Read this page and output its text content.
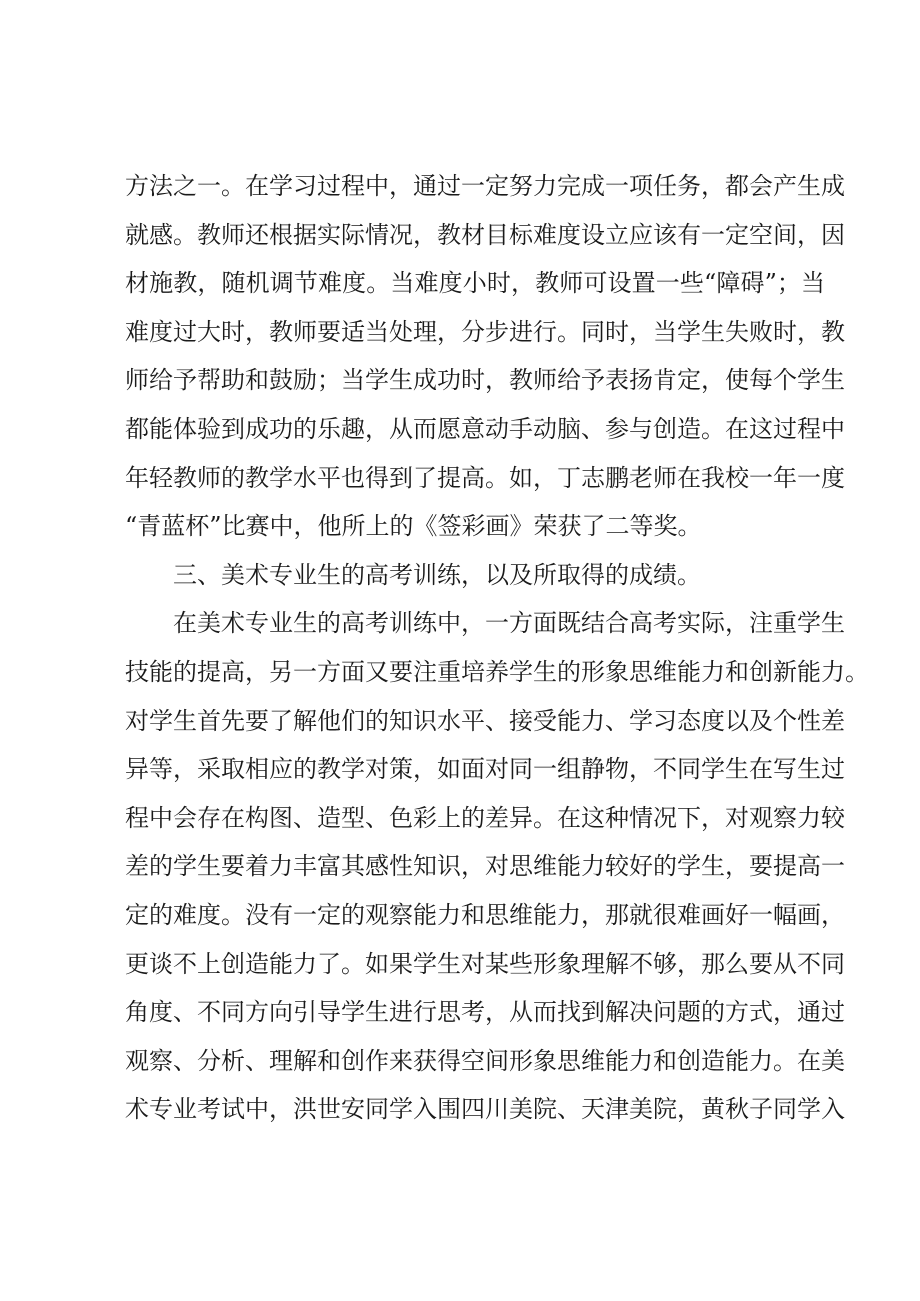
方法之一。在学习过程中，通过一定努力完成一项任务，都会产生成
就感。教师还根据实际情况，教材目标难度设立应该有一定空间，因
材施教，随机调节难度。当难度小时，教师可设置一些“障碍”；当
难度过大时，教师要适当处理，分步进行。同时，当学生失败时，教
师给予帮助和鼓励；当学生成功时，教师给予表扬肯定，使每个学生
都能体验到成功的乐趣，从而愿意动手动脑、参与创造。在这过程中
年轻教师的教学水平也得到了提高。如，丁志鹏老师在我校一年一度
“青蓝杯”比赛中，他所上的《签彩画》荣获了二等奖。
三、美术专业生的高考训练，以及所取得的成绩。
在美术专业生的高考训练中，一方面既结合高考实际，注重学生
技能的提高，另一方面又要注重培养学生的形象思维能力和创新能力。
对学生首先要了解他们的知识水平、接受能力、学习态度以及个性差
异等，采取相应的教学对策，如面对同一组静物，不同学生在写生过
程中会存在构图、造型、色彩上的差异。在这种情况下，对观察力较
差的学生要着力丰富其感性知识，对思维能力较好的学生，要提高一
定的难度。没有一定的观察能力和思维能力，那就很难画好一幅画，
更谈不上创造能力了。如果学生对某些形象理解不够，那么要从不同
角度、不同方向引导学生进行思考，从而找到解决问题的方式，通过
观察、分析、理解和创作来获得空间形象思维能力和创造能力。在美
术专业考试中，洪世安同学入围四川美院、天津美院，黄秋子同学入
